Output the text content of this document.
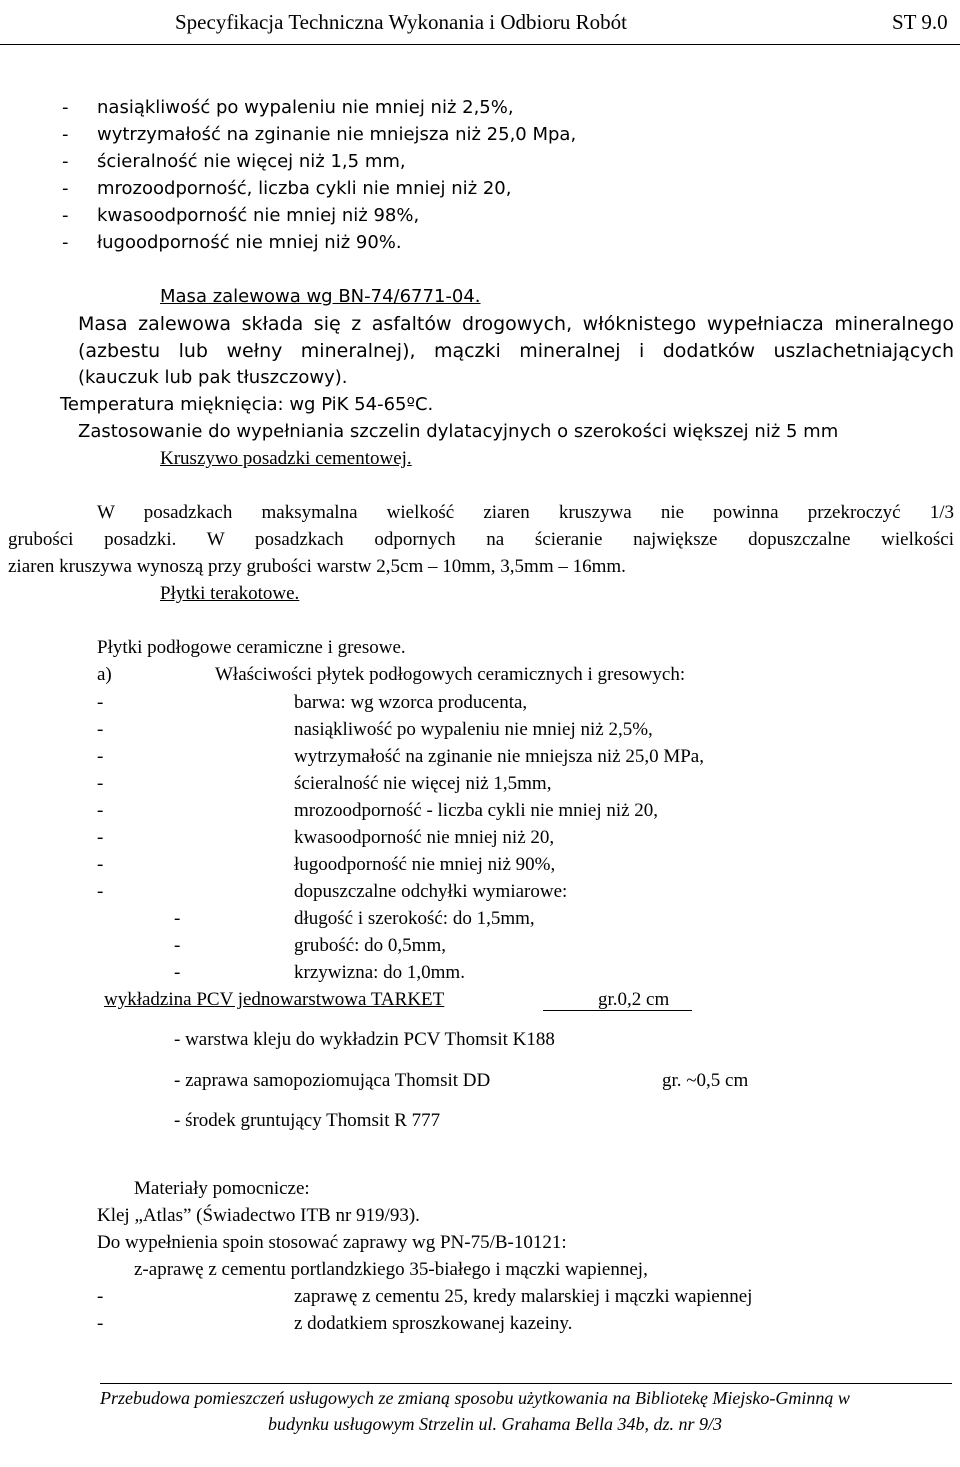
Specyfikacja Techniczna Wykonania i Odbioru Robót	ST 9.0
- nasiąkliwość po wypaleniu nie mniej niż 2,5%,
- wytrzymałość na zginanie nie mniejsza niż 25,0 Mpa,
- ścieralność nie więcej niż 1,5 mm,
- mrozoodporność, liczba cykli nie mniej niż 20,
- kwasoodporność nie mniej niż 98%,
- ługoodporność nie mniej niż 90%.
Masa zalewowa wg BN-74/6771-04.
Masa zalewowa składa się z asfaltów drogowych, włóknistego wypełniacza mineralnego
(azbestu lub wełny mineralnej), mączki mineralnej i dodatków uszlachetniających
(kauczuk lub pak tłuszczowy).
Temperatura mięknięcia: wg PiK 54-65ºC.
Zastosowanie do wypełniania szczelin dylatacyjnych o szerokości większej niż 5 mm
Kruszywo posadzki cementowej.
W posadzkach maksymalna wielkość ziaren kruszywa nie powinna przekroczyć 1/3
grubości posadzki. W posadzkach odpornych na ścieranie największe dopuszczalne wielkości
ziaren kruszywa wynoszą przy grubości warstw 2,5cm – 10mm, 3,5mm – 16mm.
Płytki terakotowe.
Płytki podłogowe ceramiczne i gresowe.
a)	Właściwości płytek podłogowych ceramicznych i gresowych:
-	barwa: wg wzorca producenta,
-	nasiąkliwość po wypaleniu nie mniej niż 2,5%,
-	wytrzymałość na zginanie nie mniejsza niż 25,0 MPa,
-	ścieralność nie więcej niż 1,5mm,
-	mrozoodporność - liczba cykli nie mniej niż 20,
-	kwasoodporność nie mniej niż 20,
-	ługoodporność nie mniej niż 90%,
-	dopuszczalne odchyłki wymiarowe:
-	długość i szerokość: do 1,5mm,
-	grubość: do 0,5mm,
-	krzywizna: do 1,0mm.
wykładzina PCV jednowarstwowa TARKET	gr.0,2 cm
- warstwa kleju do wykładzin PCV Thomsit K188
- zaprawa samopoziomująca Thomsit DD	gr. ~0,5 cm
- środek gruntujący Thomsit R 777
Materiały pomocnicze:
Klej „Atlas” (Świadectwo ITB nr 919/93).
Do wypełnienia spoin stosować zaprawy wg PN-75/B-10121:
z-aprawę z cementu portlandzkiego 35-białego i mączki wapiennej,
-	zaprawę z cementu 25, kredy malarskiej i mączki wapiennej
-	z dodatkiem sproszkowanej kazeiny.
Przebudowa pomieszczeń usługowych ze zmianą sposobu użytkowania na Bibliotekę Miejsko-Gminną w
budynku usługowym Strzelin ul. Grahama Bella 34b, dz. nr 9/3
